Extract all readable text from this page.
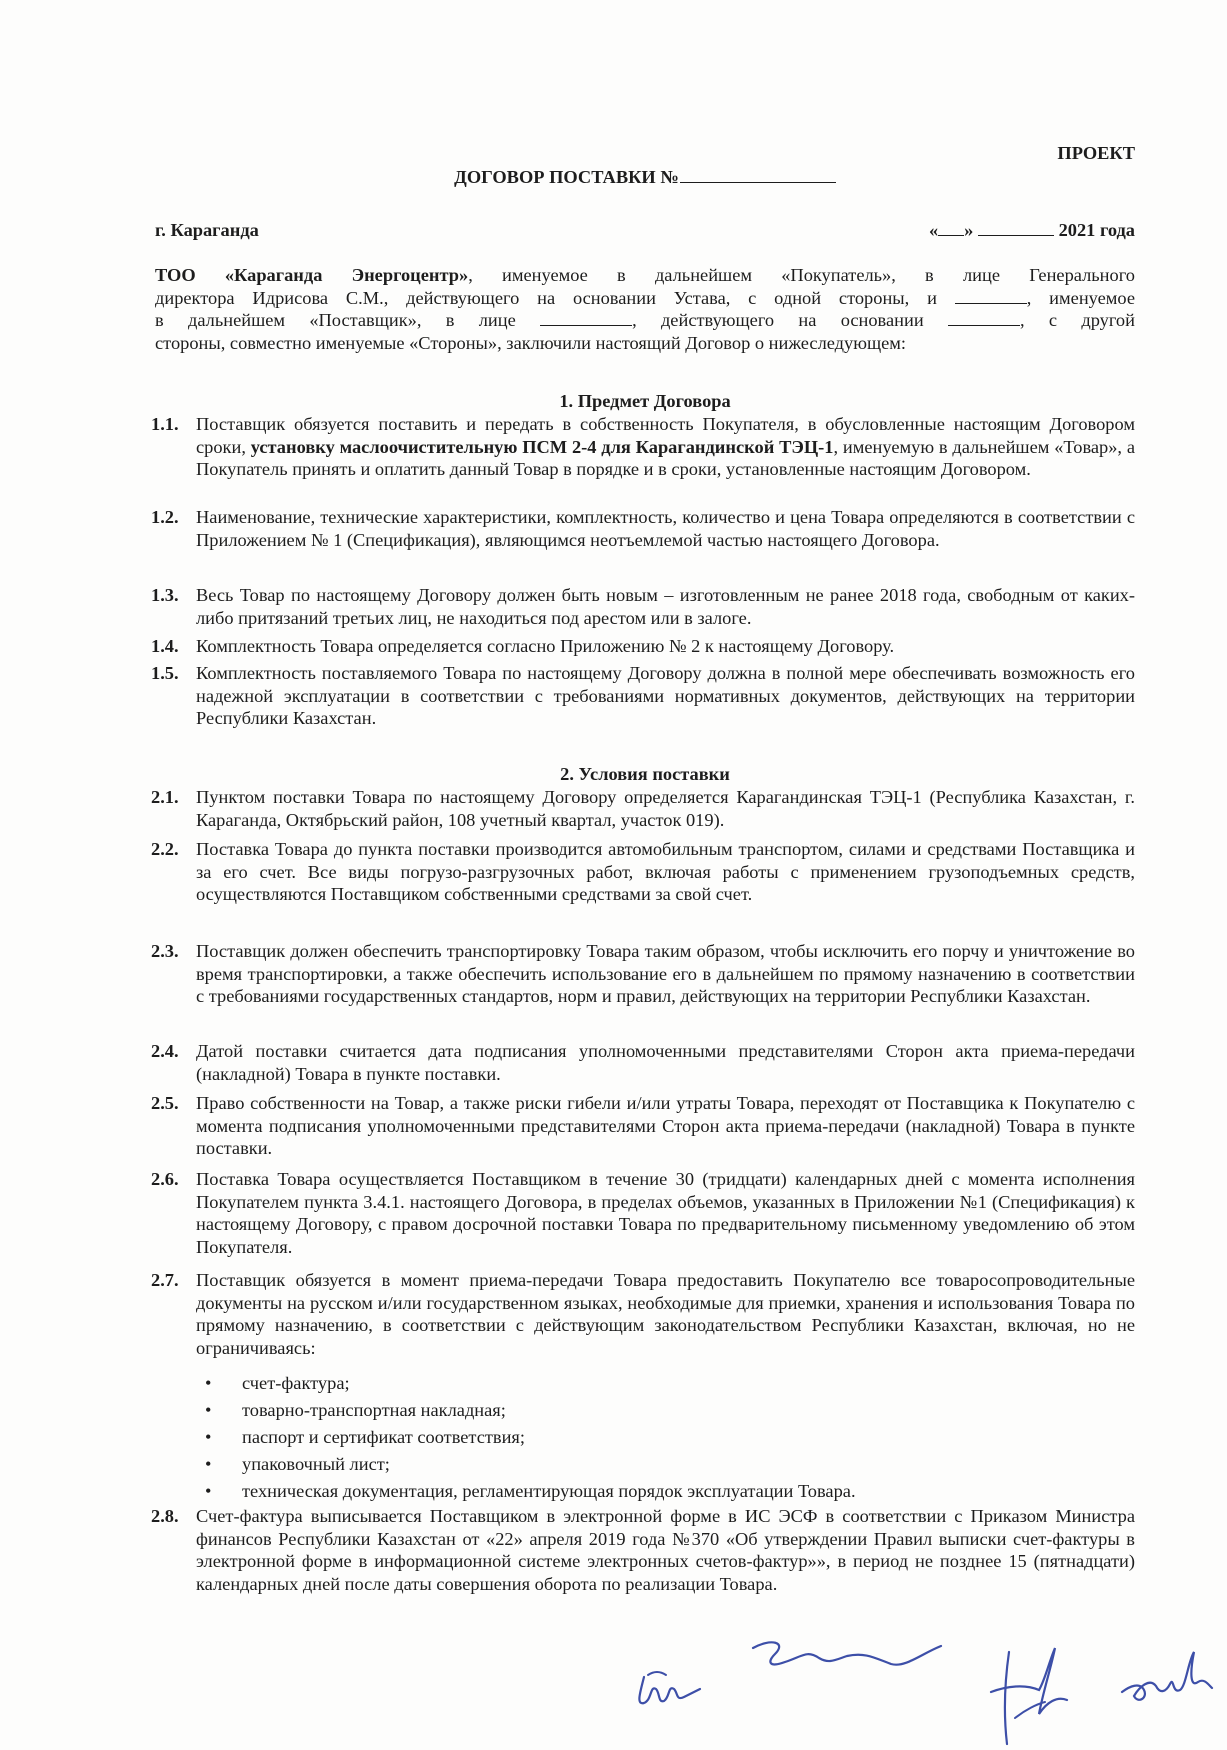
ПРОЕКТ
ДОГОВОР ПОСТАВКИ №
г. Караганда	« »	2021 года
ТОО «Караганда Энергоцентр», именуемое в дальнейшем «Покупатель», в лице Генерального
директора Идрисова С.М., действующего на основании Устава, с одной стороны, и	, именуемое
в дальнейшем «Поставщик», в лице	, действующего на основании	, с другой
стороны, совместно именуемые «Стороны», заключили настоящий Договор о нижеследующем:
1. Предмет Договора
1.1. Поставщик обязуется поставить и передать в собственность Покупателя, в обусловленные настоящим Договором сроки, установку маслоочистительную ПСМ 2-4 для Карагандинской ТЭЦ-1, именуемую в дальнейшем «Товар», а Покупатель принять и оплатить данный Товар в порядке и в сроки, установленные настоящим Договором.
1.2. Наименование, технические характеристики, комплектность, количество и цена Товара определяются в соответствии с Приложением № 1 (Спецификация), являющимся неотъемлемой частью настоящего Договора.
1.3. Весь Товар по настоящему Договору должен быть новым – изготовленным не ранее 2018 года, свободным от каких-либо притязаний третьих лиц, не находиться под арестом или в залоге.
1.4. Комплектность Товара определяется согласно Приложению № 2 к настоящему Договору.
1.5. Комплектность поставляемого Товара по настоящему Договору должна в полной мере обеспечивать возможность его надежной эксплуатации в соответствии с требованиями нормативных документов, действующих на территории Республики Казахстан.
2. Условия поставки
2.1. Пунктом поставки Товара по настоящему Договору определяется Карагандинская ТЭЦ-1 (Республика Казахстан, г. Караганда, Октябрьский район, 108 учетный квартал, участок 019).
2.2. Поставка Товара до пункта поставки производится автомобильным транспортом, силами и средствами Поставщика и за его счет. Все виды погрузо-разгрузочных работ, включая работы с применением грузоподъемных средств, осуществляются Поставщиком собственными средствами за свой счет.
2.3. Поставщик должен обеспечить транспортировку Товара таким образом, чтобы исключить его порчу и уничтожение во время транспортировки, а также обеспечить использование его в дальнейшем по прямому назначению в соответствии с требованиями государственных стандартов, норм и правил, действующих на территории Республики Казахстан.
2.4. Датой поставки считается дата подписания уполномоченными представителями Сторон акта приема-передачи (накладной) Товара в пункте поставки.
2.5. Право собственности на Товар, а также риски гибели и/или утраты Товара, переходят от Поставщика к Покупателю с момента подписания уполномоченными представителями Сторон акта приема-передачи (накладной) Товара в пункте поставки.
2.6. Поставка Товара осуществляется Поставщиком в течение 30 (тридцати) календарных дней с момента исполнения Покупателем пункта 3.4.1. настоящего Договора, в пределах объемов, указанных в Приложении №1 (Спецификация) к настоящему Договору, с правом досрочной поставки Товара по предварительному письменному уведомлению об этом Покупателя.
2.7. Поставщик обязуется в момент приема-передачи Товара предоставить Покупателю все товаросопроводительные документы на русском и/или государственном языках, необходимые для приемки, хранения и использования Товара по прямому назначению, в соответствии с действующим законодательством Республики Казахстан, включая, но не ограничиваясь:
• счет-фактура;
• товарно-транспортная накладная;
• паспорт и сертификат соответствия;
• упаковочный лист;
• техническая документация, регламентирующая порядок эксплуатации Товара.
2.8. Счет-фактура выписывается Поставщиком в электронной форме в ИС ЭСФ в соответствии с Приказом Министра финансов Республики Казахстан от «22» апреля 2019 года №370 «Об утверждении Правил выписки счет-фактуры в электронной форме в информационной системе электронных счетов-фактур»», в период не позднее 15 (пятнадцати) календарных дней после даты совершения оборота по реализации Товара.
